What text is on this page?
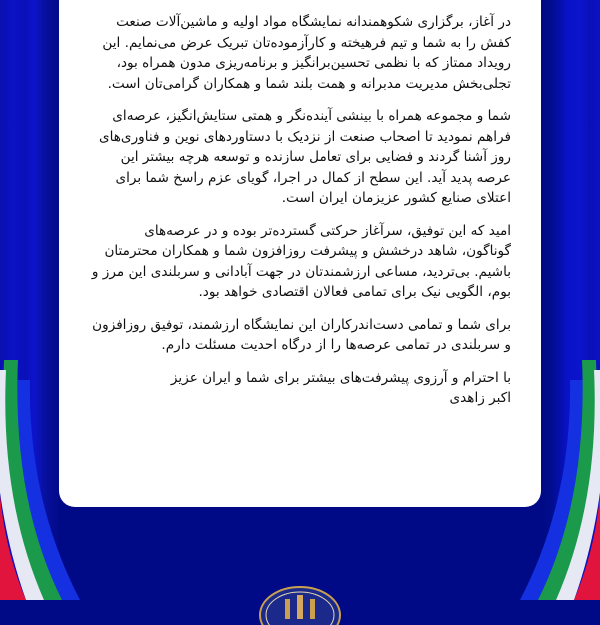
در آغاز، برگزاری شکوهمندانه نمایشگاه مواد اولیه و ماشین‌آلات صنعت کفش را به شما و تیم فرهیخته و کارآزموده‌تان تبریک عرض می‌نمایم. این رویداد ممتاز که با نظمی تحسین‌برانگیز و برنامه‌ریزی مدون همراه بود، تجلی‌بخش مدیریت مدبرانه و همت بلند شما و همکاران گرامی‌تان است.

شما و مجموعه همراه با بینشی آینده‌نگر و همتی ستایش‌انگیز، عرصه‌ای فراهم نمودید تا اصحاب صنعت از نزدیک با دستاوردهای نوین و فناوری‌های روز آشنا گردند و فضایی برای تعامل سازنده و توسعه هرچه بیشتر این عرصه پدید آید. این سطح از کمال در اجرا، گویای عزم راسخ شما برای اعتلای صنایع کشور عزیزمان ایران است.

امید که این توفیق، سرآغاز حرکتی گسترده‌تر بوده و در عرصه‌های گوناگون، شاهد درخشش و پیشرفت روزافزون شما و همکاران محترمتان باشیم. بی‌تردید، مساعی ارزشمندتان در جهت آبادانی و سربلندی این مرز و بوم، الگویی نیک برای تمامی فعالان اقتصادی خواهد بود.

برای شما و تمامی دست‌اندرکاران این نمایشگاه ارزشمند، توفیق روزافزون و سربلندی در تمامی عرصه‌ها را از درگاه احدیت مسئلت دارم.

با احترام و آرزوی پیشرفت‌های بیشتر برای شما و ایران عزیز

اکبر زاهدی
